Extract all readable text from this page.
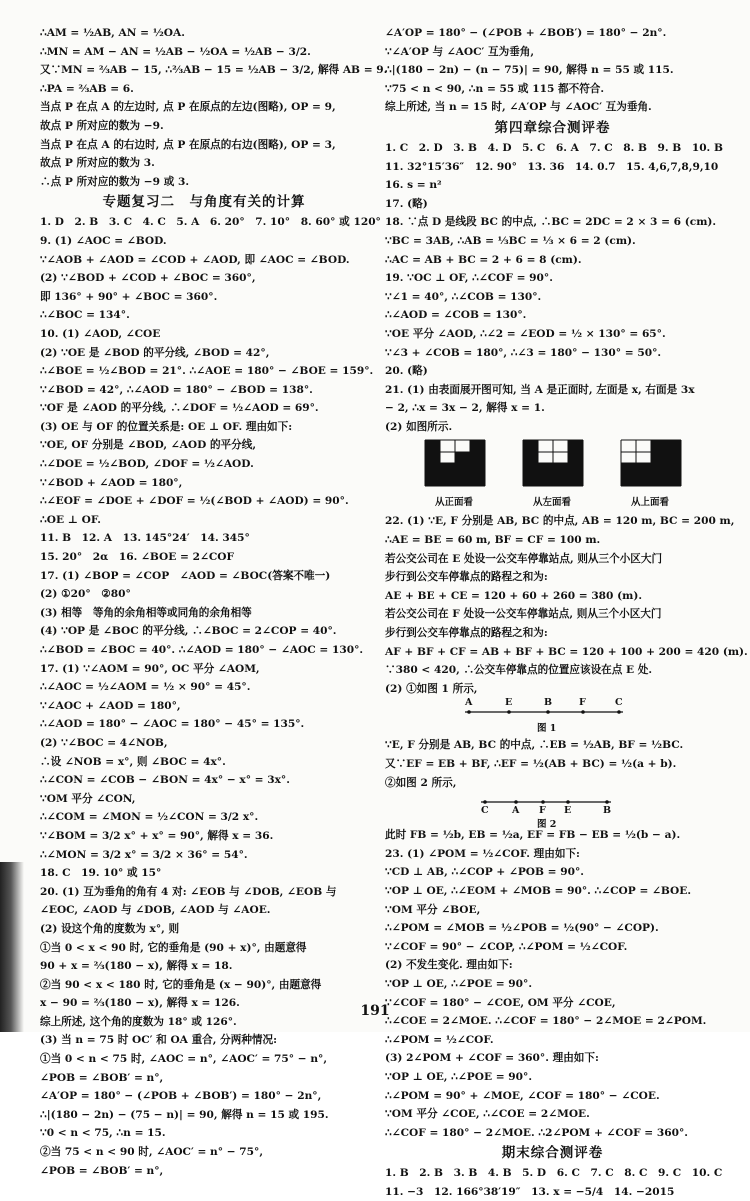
∴AM = ½AB, AN = ½OA.
∴MN = AM − AN = ½AB − ½OA = ½AB − 3/2.
又∵MN = ⅔AB − 15, ∴⅔AB − 15 = ½AB − 3/2, 解得 AB = 9.
∴PA = ⅔AB = 6.
当点 P 在点 A 的左边时, 点 P 在原点的左边(图略), OP = 9,
故点 P 所对应的数为 −9.
当点 P 在点 A 的右边时, 点 P 在原点的右边(图略), OP = 3,
故点 P 所对应的数为 3.
∴点 P 所对应的数为 −9 或 3.
专题复习二　与角度有关的计算
1. D　2. B　3. C　4. C　5. A　6. 20°　7. 10°　8. 60° 或 120°
9. (1) ∠AOC = ∠BOD.
∵∠AOB + ∠AOD = ∠COD + ∠AOD, 即 ∠AOC = ∠BOD.
(2) ∵∠BOD + ∠COD + ∠BOC = 360°,
即 136° + 90° + ∠BOC = 360°.
∴∠BOC = 134°.
10. (1) ∠AOD, ∠COE
(2) ∵OE 是 ∠BOD 的平分线, ∠BOD = 42°,
∴∠BOE = ½∠BOD = 21°. ∴∠AOE = 180° − ∠BOE = 159°.
∵∠BOD = 42°, ∴∠AOD = 180° − ∠BOD = 138°.
∵OF 是 ∠AOD 的平分线, ∴∠DOF = ½∠AOD = 69°.
(3) OE 与 OF 的位置关系是: OE ⊥ OF. 理由如下:
∵OE, OF 分别是 ∠BOD, ∠AOD 的平分线,
∴∠DOE = ½∠BOD, ∠DOF = ½∠AOD.
∵∠BOD + ∠AOD = 180°,
∴∠EOF = ∠DOE + ∠DOF = ½(∠BOD + ∠AOD) = 90°.
∴OE ⊥ OF.
11. B　12. A　13. 145°24′　14. 345°
15. 20°　2α　16. ∠BOE = 2∠COF
17. (1) ∠BOP = ∠COP　∠AOD = ∠BOC(答案不唯一)
(2) ①20°　②80°
(3) 相等　等角的余角相等或同角的余角相等
(4) ∵OP 是 ∠BOC 的平分线, ∴∠BOC = 2∠COP = 40°.
∴∠BOD = ∠BOC = 40°. ∴∠AOD = 180° − ∠AOC = 130°.
17. (1) ∵∠AOM = 90°, OC 平分 ∠AOM,
∴∠AOC = ½∠AOM = ½ × 90° = 45°.
∵∠AOC + ∠AOD = 180°,
∴∠AOD = 180° − ∠AOC = 180° − 45° = 135°.
(2) ∵∠BOC = 4∠NOB,
∴设 ∠NOB = x°, 则 ∠BOC = 4x°.
∴∠CON = ∠COB − ∠BON = 4x° − x° = 3x°.
∵OM 平分 ∠CON,
∴∠COM = ∠MON = ½∠CON = 3/2 x°.
∵∠BOM = 3/2 x° + x° = 90°, 解得 x = 36.
∴∠MON = 3/2 x° = 3/2 × 36° = 54°.
18. C　19. 10° 或 15°
20. (1) 互为垂角的角有 4 对: ∠EOB 与 ∠DOB, ∠EOB 与
∠EOC, ∠AOD 与 ∠DOB, ∠AOD 与 ∠AOE.
(2) 设这个角的度数为 x°, 则
①当 0 < x < 90 时, 它的垂角是 (90 + x)°, 由题意得
90 + x = ⅔(180 − x), 解得 x = 18.
②当 90 < x < 180 时, 它的垂角是 (x − 90)°, 由题意得
x − 90 = ⅔(180 − x), 解得 x = 126.
综上所述, 这个角的度数为 18° 或 126°.
(3) 当 n = 75 时 OC′ 和 OA 重合, 分两种情况:
①当 0 < n < 75 时, ∠AOC = n°, ∠AOC′ = 75° − n°,
∠POB = ∠BOB′ = n°,
∠A′OP = 180° − (∠POB + ∠BOB′) = 180° − 2n°,
∴|(180 − 2n) − (75 − n)| = 90, 解得 n = 15 或 195.
∵0 < n < 75, ∴n = 15.
②当 75 < n < 90 时, ∠AOC′ = n° − 75°,
∠POB = ∠BOB′ = n°,
∠A′OP = 180° − (∠POB + ∠BOB′) = 180° − 2n°.
∵∠A′OP 与 ∠AOC′ 互为垂角,
∴|(180 − 2n) − (n − 75)| = 90, 解得 n = 55 或 115.
∵75 < n < 90, ∴n = 55 或 115 都不符合.
综上所述, 当 n = 15 时, ∠A′OP 与 ∠AOC′ 互为垂角.
第四章综合测评卷
1. C　2. D　3. B　4. D　5. C　6. A　7. C　8. B　9. B　10. B
11. 32°15′36″　12. 90°　13. 36　14. 0.7　15. 4,6,7,8,9,10
16. s = n²
17. (略)
18. ∵点 D 是线段 BC 的中点, ∴BC = 2DC = 2 × 3 = 6 (cm).
∵BC = 3AB, ∴AB = ⅓BC = ⅓ × 6 = 2 (cm).
∴AC = AB + BC = 2 + 6 = 8 (cm).
19. ∵OC ⊥ OF, ∴∠COF = 90°.
∵∠1 = 40°, ∴∠COB = 130°.
∴∠AOD = ∠COB = 130°.
∵OE 平分 ∠AOD, ∴∠2 = ∠EOD = ½ × 130° = 65°.
∵∠3 + ∠COB = 180°, ∴∠3 = 180° − 130° = 50°.
20. (略)
21. (1) 由表面展开图可知, 当 A 是正面时, 左面是 x, 右面是 3x
− 2, ∴x = 3x − 2, 解得 x = 1.
(2) 如图所示.
从正面看	从左面看	从上面看
22. (1) ∵E, F 分别是 AB, BC 的中点, AB = 120 m, BC = 200 m,
∴AE = BE = 60 m, BF = CF = 100 m.
若公交公司在 E 处设一公交车停靠站点, 则从三个小区大门
步行到公交车停靠点的路程之和为:
AE + BE + CE = 120 + 60 + 260 = 380 (m).
若公交公司在 F 处设一公交车停靠站点, 则从三个小区大门
步行到公交车停靠点的路程之和为:
AF + BF + CF = AB + BF + BC = 120 + 100 + 200 = 420 (m).
∵380 < 420, ∴公交车停靠点的位置应该设在点 E 处.
(2) ①如图 1 所示,
A	E	B	F	C
图 1
∵E, F 分别是 AB, BC 的中点, ∴EB = ½AB, BF = ½BC.
又∵EF = EB + BF, ∴EF = ½(AB + BC) = ½(a + b).
②如图 2 所示,
C A F E	B
图 2
此时 FB = ½b, EB = ½a, EF = FB − EB = ½(b − a).
23. (1) ∠POM = ½∠COF. 理由如下:
∵CD ⊥ AB, ∴∠COP + ∠POB = 90°.
∵OP ⊥ OE, ∴∠EOM + ∠MOB = 90°. ∴∠COP = ∠BOE.
∵OM 平分 ∠BOE,
∴∠POM = ∠MOB = ½∠POB = ½(90° − ∠COP).
∵∠COF = 90° − ∠COP, ∴∠POM = ½∠COF.
(2) 不发生变化. 理由如下:
∵OP ⊥ OE, ∴∠POE = 90°.
∵∠COF = 180° − ∠COE, OM 平分 ∠COE,
∴∠COE = 2∠MOE. ∴∠COF = 180° − 2∠MOE = 2∠POM.
∴∠POM = ½∠COF.
(3) 2∠POM + ∠COF = 360°. 理由如下:
∵OP ⊥ OE, ∴∠POE = 90°.
∴∠POM = 90° + ∠MOE, ∠COF = 180° − ∠COE.
∵OM 平分 ∠COE, ∴∠COE = 2∠MOE.
∴∠COF = 180° − 2∠MOE. ∴2∠POM + ∠COF = 360°.
期末综合测评卷
1. B　2. B　3. B　4. B　5. D　6. C　7. C　8. C　9. C　10. C
11. −3　12. 166°38′19″　13. x = −5/4　14. −2015
191
